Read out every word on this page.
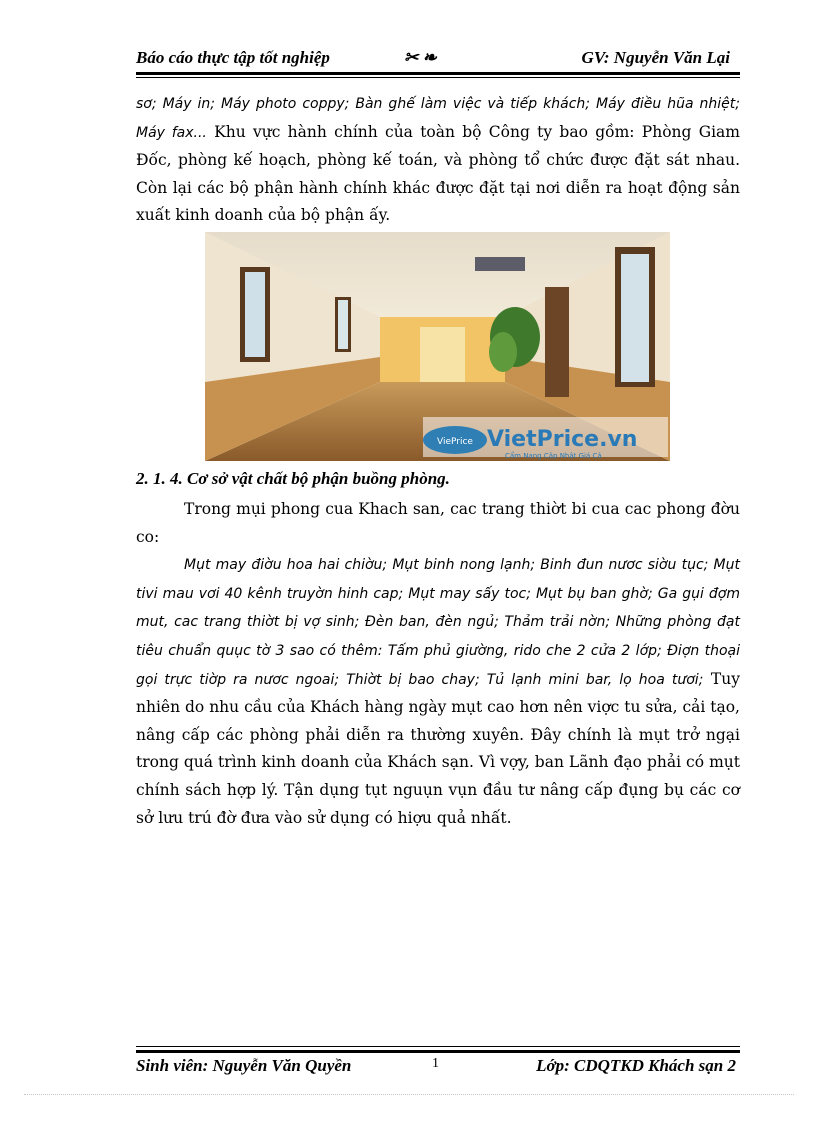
Báo cáo thực tập tốt nghiệp	✂ ❧	GV: Nguyễn Văn Lại

sơ; Máy in; Máy photo coppy; Bàn ghế làm việc và tiếp khách; Máy điều hũa nhiệt; Máy fax... Khu vực hành chính của toàn bộ Công ty bao gồm: Phòng Giam Đốc, phòng kế hoạch, phòng kế toán, và phòng tổ chức được đặt sát nhau. Còn lại các bộ phận hành chính khác được đặt tại nơi diễn ra hoạt động sản xuất kinh doanh của bộ phận ấy.

ViePrice VietPrice.vn
Cẩm Nang Cập Nhật Giá Cả
2. 1. 4. Cơ sở vật chất bộ phận buồng phòng.

Trong mụi phong cua Khach san, cac trang thiờt bi cua cac phong đờu co:

Mụt may điờu hoa hai chiờu; Mụt binh nong lạnh; Binh đun nươc siờu tục; Mụt tivi mau vơi 40 kênh truyờn hinh cap; Mụt may sấy toc; Mụt bụ ban ghờ; Ga gụi đợm mut, cac trang thiờt bị vợ sinh; Đèn ban, đèn ngủ; Thảm trải nờn; Những phòng đạt tiêu chuẩn quục tờ 3 sao có thêm: Tấm phủ giường, rido che 2 cửa 2 lớp; Điợn thoại gọi trực tiờp ra nươc ngoai; Thiờt bị bao chay; Tủ lạnh mini bar, lọ hoa tươi; Tuy nhiên do nhu cầu của Khách hàng ngày mụt cao hơn nên viợc tu sửa, cải tạo, nâng cấp các phòng phải diễn ra thường xuyên. Đây chính là mụt trở ngại trong quá trình kinh doanh của Khách sạn. Vì vợy, ban Lãnh đạo phải có mụt chính sách hợp lý. Tận dụng tụt nguụn vụn đầu tư nâng cấp đụng bụ các cơ sở lưu trú đờ đưa vào sử dụng có hiợu quả nhất.

Sinh viên: Nguyễn Văn Quyền	1	Lớp: CDQTKD Khách sạn 2
